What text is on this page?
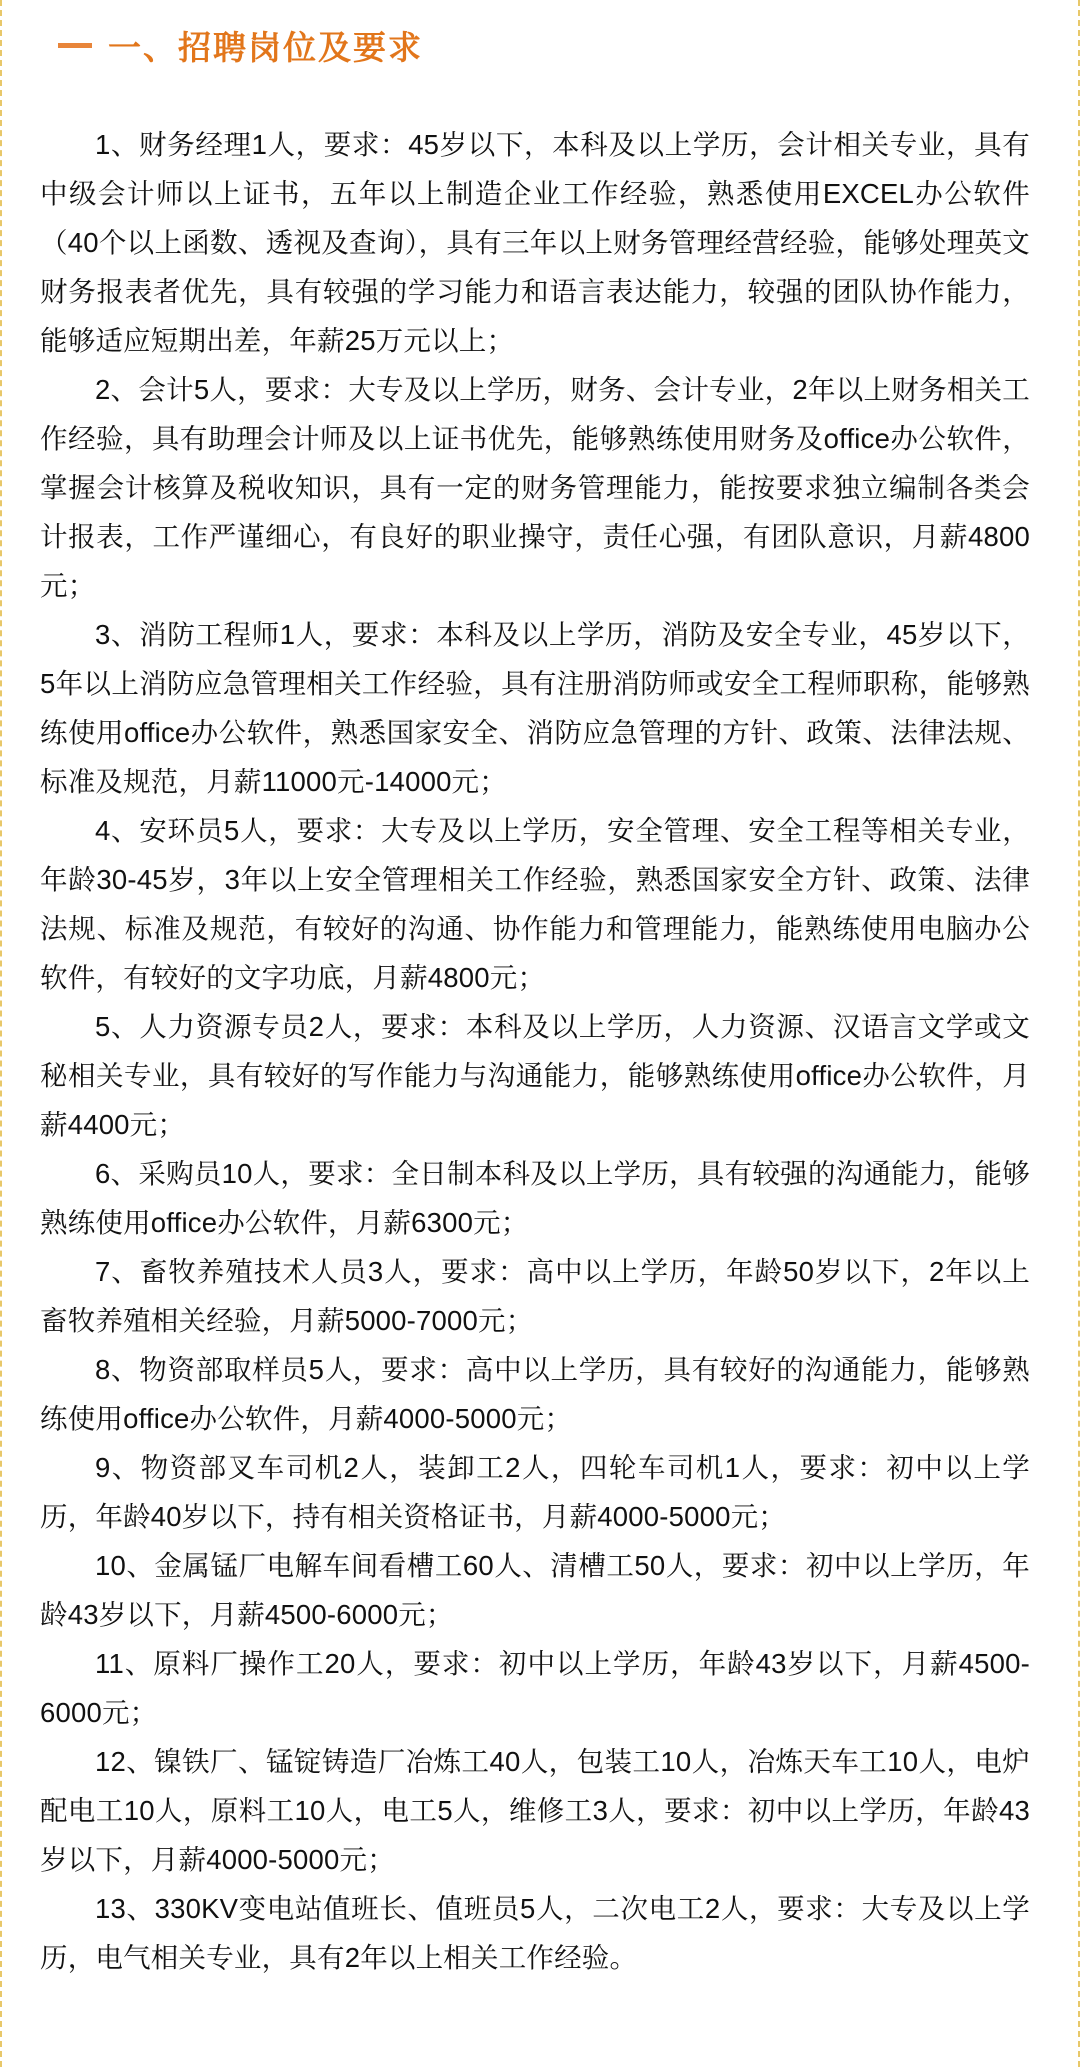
一、招聘岗位及要求

1、财务经理1人，要求：45岁以下，本科及以上学历，会计相关专业，具有中级会计师以上证书，五年以上制造企业工作经验，熟悉使用EXCEL办公软件（40个以上函数、透视及查询），具有三年以上财务管理经营经验，能够处理英文财务报表者优先，具有较强的学习能力和语言表达能力，较强的团队协作能力，能够适应短期出差，年薪25万元以上；

2、会计5人，要求：大专及以上学历，财务、会计专业，2年以上财务相关工作经验，具有助理会计师及以上证书优先，能够熟练使用财务及office办公软件，掌握会计核算及税收知识，具有一定的财务管理能力，能按要求独立编制各类会计报表，工作严谨细心，有良好的职业操守，责任心强，有团队意识，月薪4800元；

3、消防工程师1人，要求：本科及以上学历，消防及安全专业，45岁以下，5年以上消防应急管理相关工作经验，具有注册消防师或安全工程师职称，能够熟练使用office办公软件，熟悉国家安全、消防应急管理的方针、政策、法律法规、标准及规范，月薪11000元-14000元；

4、安环员5人，要求：大专及以上学历，安全管理、安全工程等相关专业，年龄30-45岁，3年以上安全管理相关工作经验，熟悉国家安全方针、政策、法律法规、标准及规范，有较好的沟通、协作能力和管理能力，能熟练使用电脑办公软件，有较好的文字功底，月薪4800元；

5、人力资源专员2人，要求：本科及以上学历，人力资源、汉语言文学或文秘相关专业，具有较好的写作能力与沟通能力，能够熟练使用office办公软件，月薪4400元；

6、采购员10人，要求：全日制本科及以上学历，具有较强的沟通能力，能够熟练使用office办公软件，月薪6300元；

7、畜牧养殖技术人员3人，要求：高中以上学历，年龄50岁以下，2年以上畜牧养殖相关经验，月薪5000-7000元；

8、物资部取样员5人，要求：高中以上学历，具有较好的沟通能力，能够熟练使用office办公软件，月薪4000-5000元；

9、物资部叉车司机2人，装卸工2人，四轮车司机1人，要求：初中以上学历，年龄40岁以下，持有相关资格证书，月薪4000-5000元；

10、金属锰厂电解车间看槽工60人、清槽工50人，要求：初中以上学历，年龄43岁以下，月薪4500-6000元；

11、原料厂操作工20人，要求：初中以上学历，年龄43岁以下，月薪4500-6000元；

12、镍铁厂、锰锭铸造厂冶炼工40人，包装工10人，冶炼天车工10人，电炉配电工10人，原料工10人，电工5人，维修工3人，要求：初中以上学历，年龄43岁以下，月薪4000-5000元；

13、330KV变电站值班长、值班员5人，二次电工2人，要求：大专及以上学历，电气相关专业，具有2年以上相关工作经验。
